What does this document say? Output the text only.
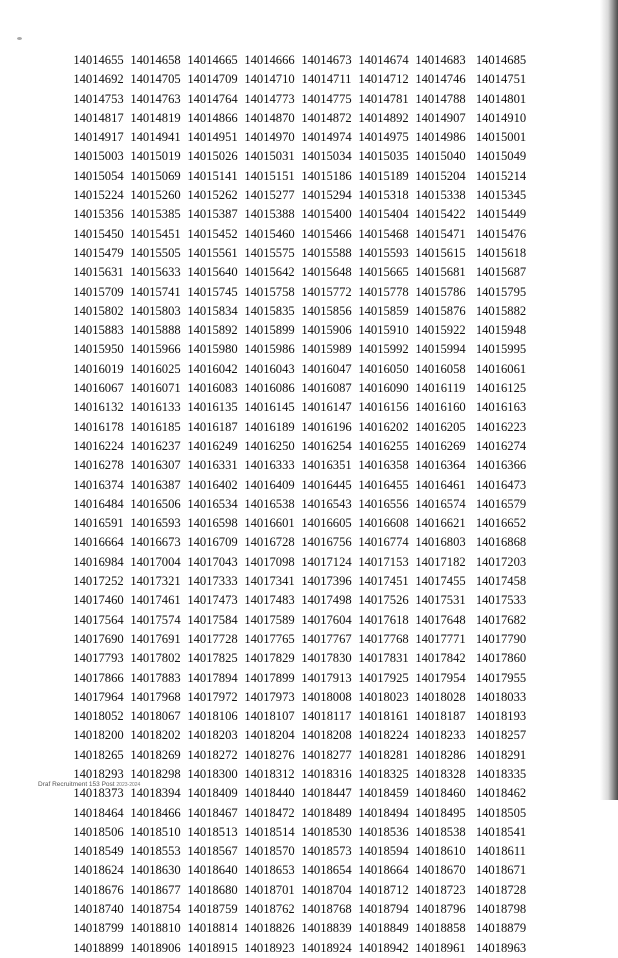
14014655 14014658 14014665 14014666 14014673 14014674 14014683 14014685
14014692 14014705 14014709 14014710 14014711 14014712 14014746 14014751
14014753 14014763 14014764 14014773 14014775 14014781 14014788 14014801
14014817 14014819 14014866 14014870 14014872 14014892 14014907 14014910
14014917 14014941 14014951 14014970 14014974 14014975 14014986 14015001
14015003 14015019 14015026 14015031 14015034 14015035 14015040 14015049
14015054 14015069 14015141 14015151 14015186 14015189 14015204 14015214
14015224 14015260 14015262 14015277 14015294 14015318 14015338 14015345
14015356 14015385 14015387 14015388 14015400 14015404 14015422 14015449
14015450 14015451 14015452 14015460 14015466 14015468 14015471 14015476
14015479 14015505 14015561 14015575 14015588 14015593 14015615 14015618
14015631 14015633 14015640 14015642 14015648 14015665 14015681 14015687
14015709 14015741 14015745 14015758 14015772 14015778 14015786 14015795
14015802 14015803 14015834 14015835 14015856 14015859 14015876 14015882
14015883 14015888 14015892 14015899 14015906 14015910 14015922 14015948
14015950 14015966 14015980 14015986 14015989 14015992 14015994 14015995
14016019 14016025 14016042 14016043 14016047 14016050 14016058 14016061
14016067 14016071 14016083 14016086 14016087 14016090 14016119 14016125
14016132 14016133 14016135 14016145 14016147 14016156 14016160 14016163
14016178 14016185 14016187 14016189 14016196 14016202 14016205 14016223
14016224 14016237 14016249 14016250 14016254 14016255 14016269 14016274
14016278 14016307 14016331 14016333 14016351 14016358 14016364 14016366
14016374 14016387 14016402 14016409 14016445 14016455 14016461 14016473
14016484 14016506 14016534 14016538 14016543 14016556 14016574 14016579
14016591 14016593 14016598 14016601 14016605 14016608 14016621 14016652
14016664 14016673 14016709 14016728 14016756 14016774 14016803 14016868
14016984 14017004 14017043 14017098 14017124 14017153 14017182 14017203
14017252 14017321 14017333 14017341 14017396 14017451 14017455 14017458
14017460 14017461 14017473 14017483 14017498 14017526 14017531 14017533
14017564 14017574 14017584 14017589 14017604 14017618 14017648 14017682
14017690 14017691 14017728 14017765 14017767 14017768 14017771 14017790
14017793 14017802 14017825 14017829 14017830 14017831 14017842 14017860
14017866 14017883 14017894 14017899 14017913 14017925 14017954 14017955
14017964 14017968 14017972 14017973 14018008 14018023 14018028 14018033
14018052 14018067 14018106 14018107 14018117 14018161 14018187 14018193
14018200 14018202 14018203 14018204 14018208 14018224 14018233 14018257
14018265 14018269 14018272 14018276 14018277 14018281 14018286 14018291
14018293 14018298 14018300 14018312 14018316 14018325 14018328 14018335
14018373 14018394 14018409 14018440 14018447 14018459 14018460 14018462
14018464 14018466 14018467 14018472 14018489 14018494 14018495 14018505
14018506 14018510 14018513 14018514 14018530 14018536 14018538 14018541
14018549 14018553 14018567 14018570 14018573 14018594 14018610 14018611
14018624 14018630 14018640 14018653 14018654 14018664 14018670 14018671
14018676 14018677 14018680 14018701 14018704 14018712 14018723 14018728
14018740 14018754 14018759 14018762 14018768 14018794 14018796 14018798
14018799 14018810 14018814 14018826 14018839 14018849 14018858 14018879
14018899 14018906 14018915 14018923 14018924 14018942 14018961 14018963
Draf Recruitment 153 Post 2023-2024
